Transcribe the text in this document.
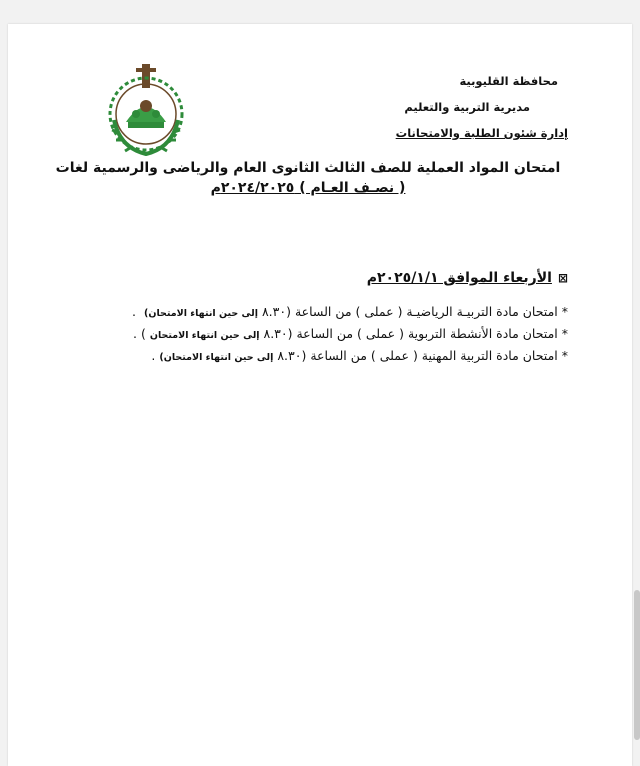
محافظة القليوبية
مديرية التربية والتعليم
إدارة شئون الطلبة والامتحانات
امتحان المواد العملية للصف الثالث الثانوى العام والرياضى والرسمية لغات
( نصـف العـام ) ٢٠٢٤/٢٠٢٥م
⊠الأربعاء الموافق ٢٠٢٥/١/١م
*امتحان مادة التربيـة الرياضيـة ( عملى ) من الساعة (٨.٣٠ إلى حين انتهاء الامتحان) .
*امتحان مادة الأنشطة التربوية ( عملى ) من الساعة (٨.٣٠ إلى حين انتهاء الامتحان) .
*امتحان مادة التربية المهنية ( عملى ) من الساعة (٨.٣٠ إلى حين انتهاء الامتحان).
